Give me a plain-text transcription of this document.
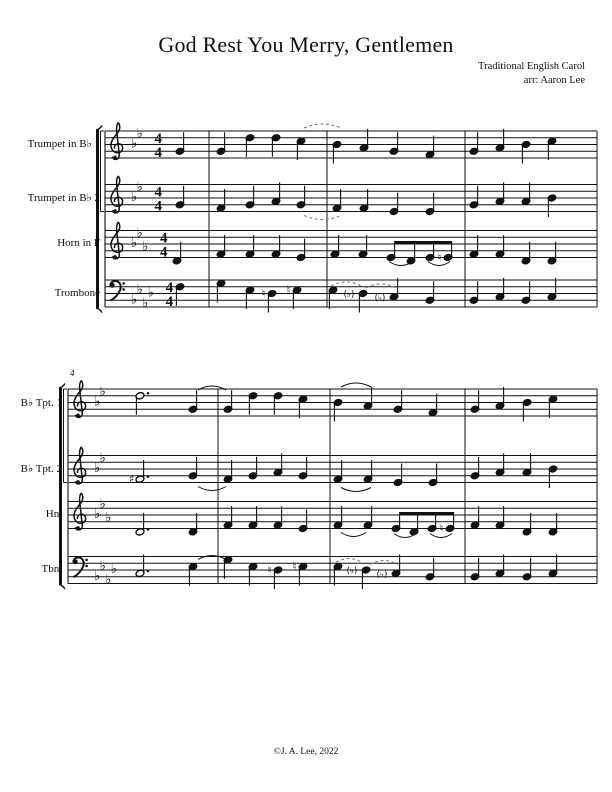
God Rest You Merry, Gentlemen
Traditional English Carol
arr: Aaron Lee
4
©J. A. Lee, 2022
♭
♭ 4
4
♭
♭ 4
4
♭
♭
♭
4
4	♮
♭
♭
♭
♭ 4
4
♮ ♮	(♭) (♭)
♭
♭
♭
♭
♯
♭
♭
♭
♮
♭
♭
♭
♭	♮ ♮	(♭) (♭)
Trumpet in B♭ 1
Trumpet in B♭ 2
Horn in F
Trombone
B♭ Tpt. 1
B♭ Tpt. 2
Hn.
Tbn.
